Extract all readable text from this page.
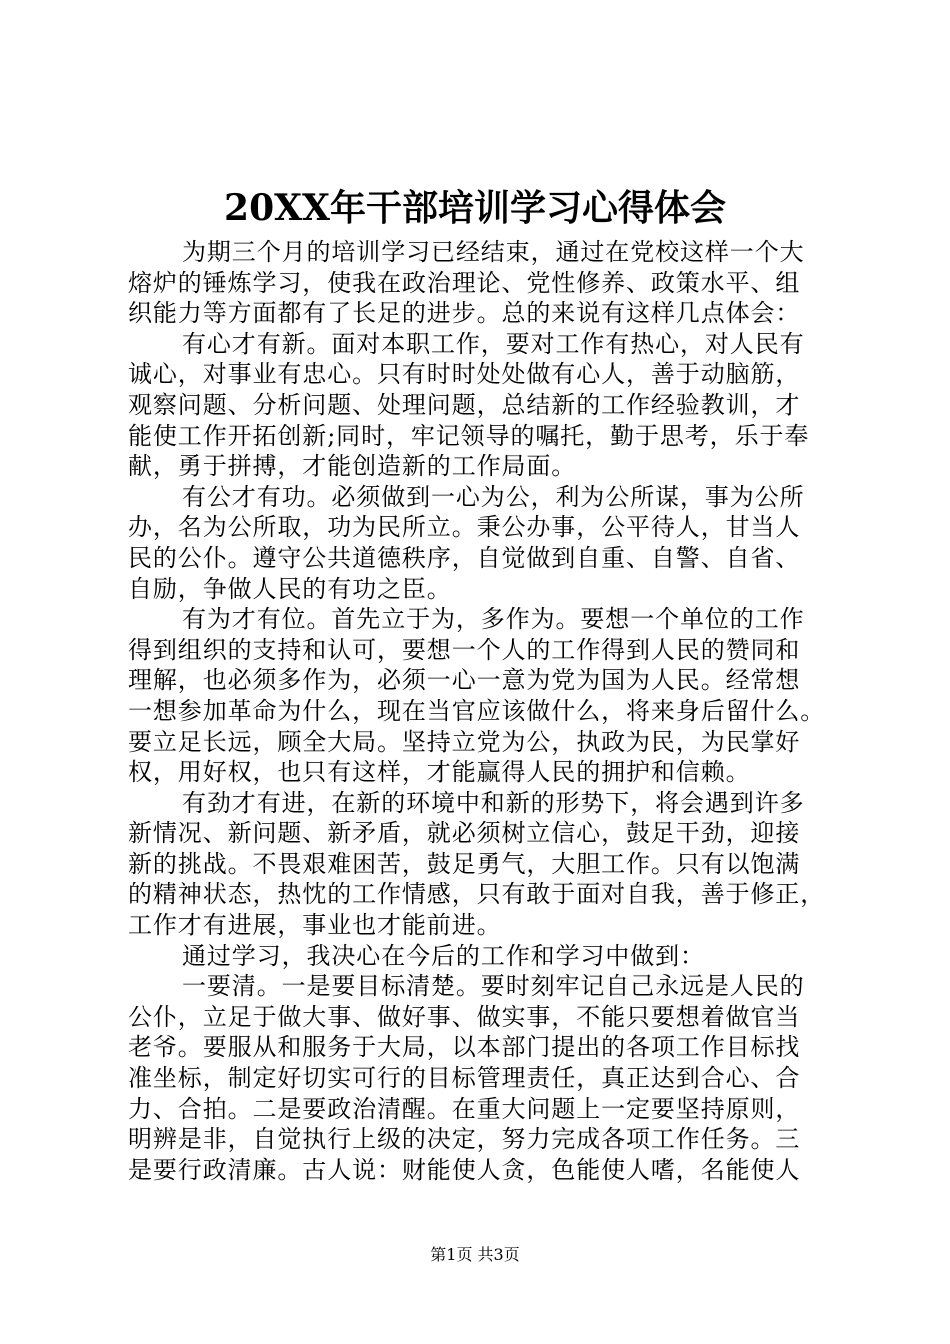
20XX年干部培训学习心得体会
为期三个月的培训学习已经结束，通过在党校这样一个大
熔炉的锤炼学习，使我在政治理论、党性修养、政策水平、组
织能力等方面都有了长足的进步。总的来说有这样几点体会：
有心才有新。面对本职工作，要对工作有热心，对人民有
诚心，对事业有忠心。只有时时处处做有心人，善于动脑筋，
观察问题、分析问题、处理问题，总结新的工作经验教训，才
能使工作开拓创新;同时，牢记领导的嘱托，勤于思考，乐于奉
献，勇于拼搏，才能创造新的工作局面。
有公才有功。必须做到一心为公，利为公所谋，事为公所
办，名为公所取，功为民所立。秉公办事，公平待人，甘当人
民的公仆。遵守公共道德秩序，自觉做到自重、自警、自省、
自励，争做人民的有功之臣。
有为才有位。首先立于为，多作为。要想一个单位的工作
得到组织的支持和认可，要想一个人的工作得到人民的赞同和
理解，也必须多作为，必须一心一意为党为国为人民。经常想
一想参加革命为什么，现在当官应该做什么，将来身后留什么。
要立足长远，顾全大局。坚持立党为公，执政为民，为民掌好
权，用好权，也只有这样，才能赢得人民的拥护和信赖。
有劲才有进，在新的环境中和新的形势下，将会遇到许多
新情况、新问题、新矛盾，就必须树立信心，鼓足干劲，迎接
新的挑战。不畏艰难困苦，鼓足勇气，大胆工作。只有以饱满
的精神状态，热忱的工作情感，只有敢于面对自我，善于修正，
工作才有进展，事业也才能前进。
通过学习，我决心在今后的工作和学习中做到：
一要清。一是要目标清楚。要时刻牢记自己永远是人民的
公仆，立足于做大事、做好事、做实事，不能只要想着做官当
老爷。要服从和服务于大局，以本部门提出的各项工作目标找
准坐标，制定好切实可行的目标管理责任，真正达到合心、合
力、合拍。二是要政治清醒。在重大问题上一定要坚持原则，
明辨是非，自觉执行上级的决定，努力完成各项工作任务。三
是要行政清廉。古人说：财能使人贪，色能使人嗜，名能使人
第1页 共3页
